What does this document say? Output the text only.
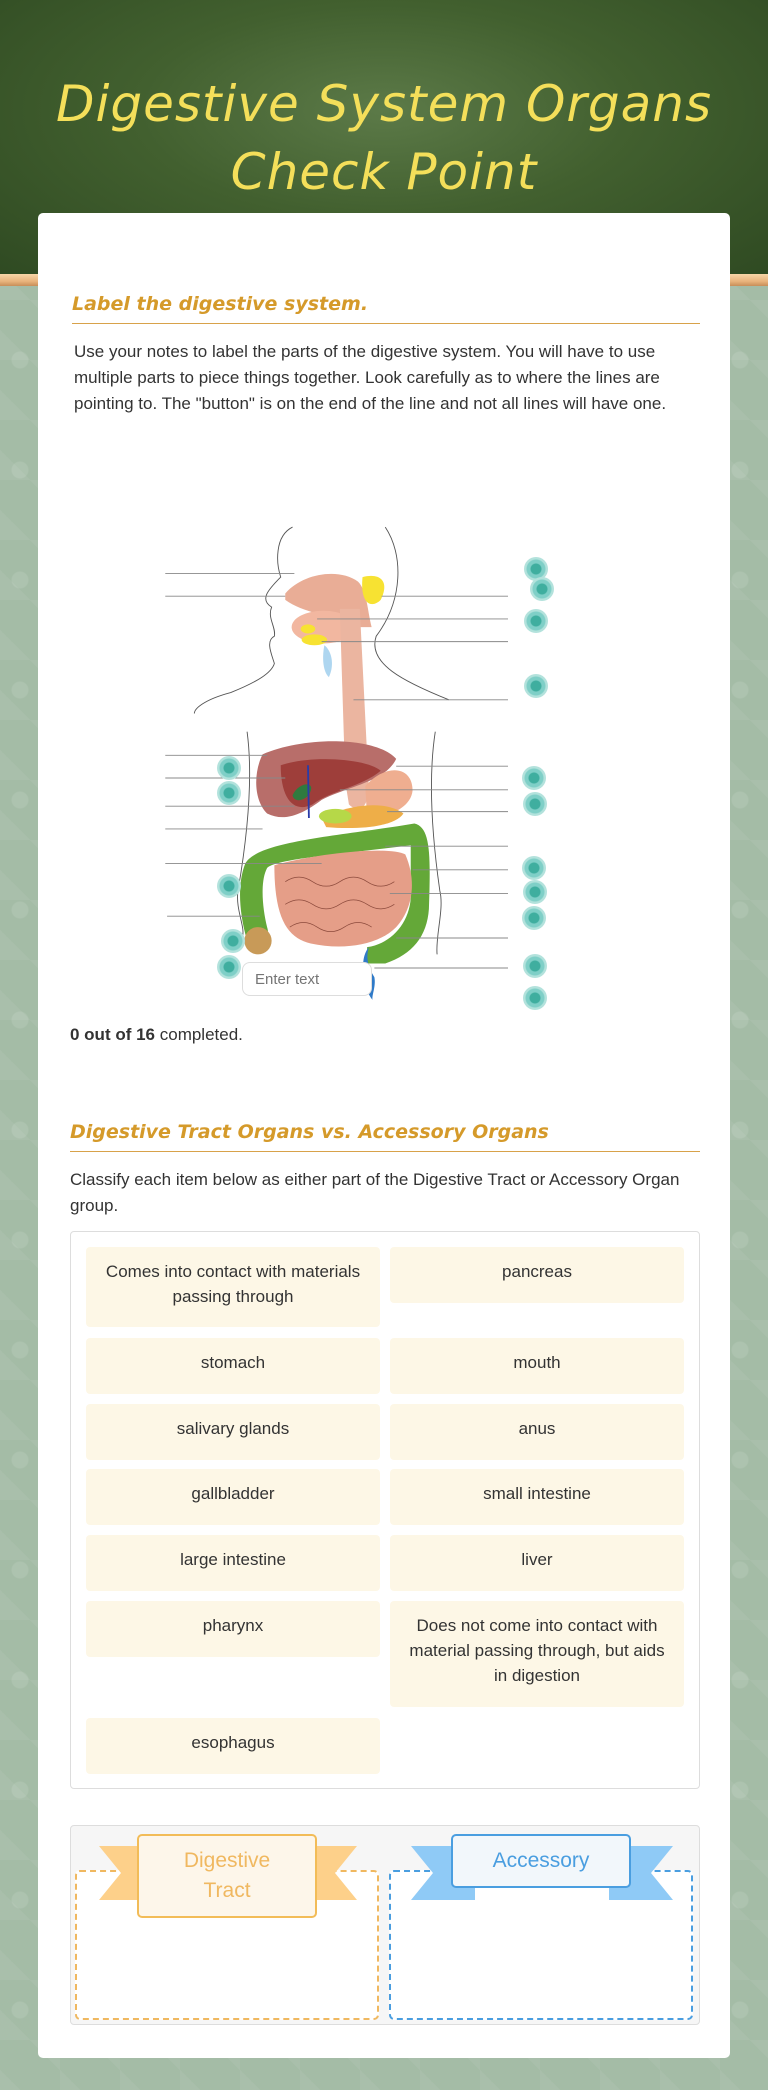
Digestive System Organs Check Point
Label the digestive system.

Use your notes to label the parts of the digestive system. You will have to use multiple parts to piece things together. Look carefully as to where the lines are pointing to. The "button" is on the end of the line and not all lines will have one.

Enter text
0 out of 16 completed.
Digestive Tract Organs vs. Accessory Organs

Classify each item below as either part of the Digestive Tract or Accessory Organ group.

Comes into contact with materials passing through
pancreas
stomach	mouth
salivary glands	anus
gallbladder	small intestine
large intestine	liver
pharynx	Does not come into contact with material passing through, but aids in digestion
esophagus
Digestive Tract
Accessory
